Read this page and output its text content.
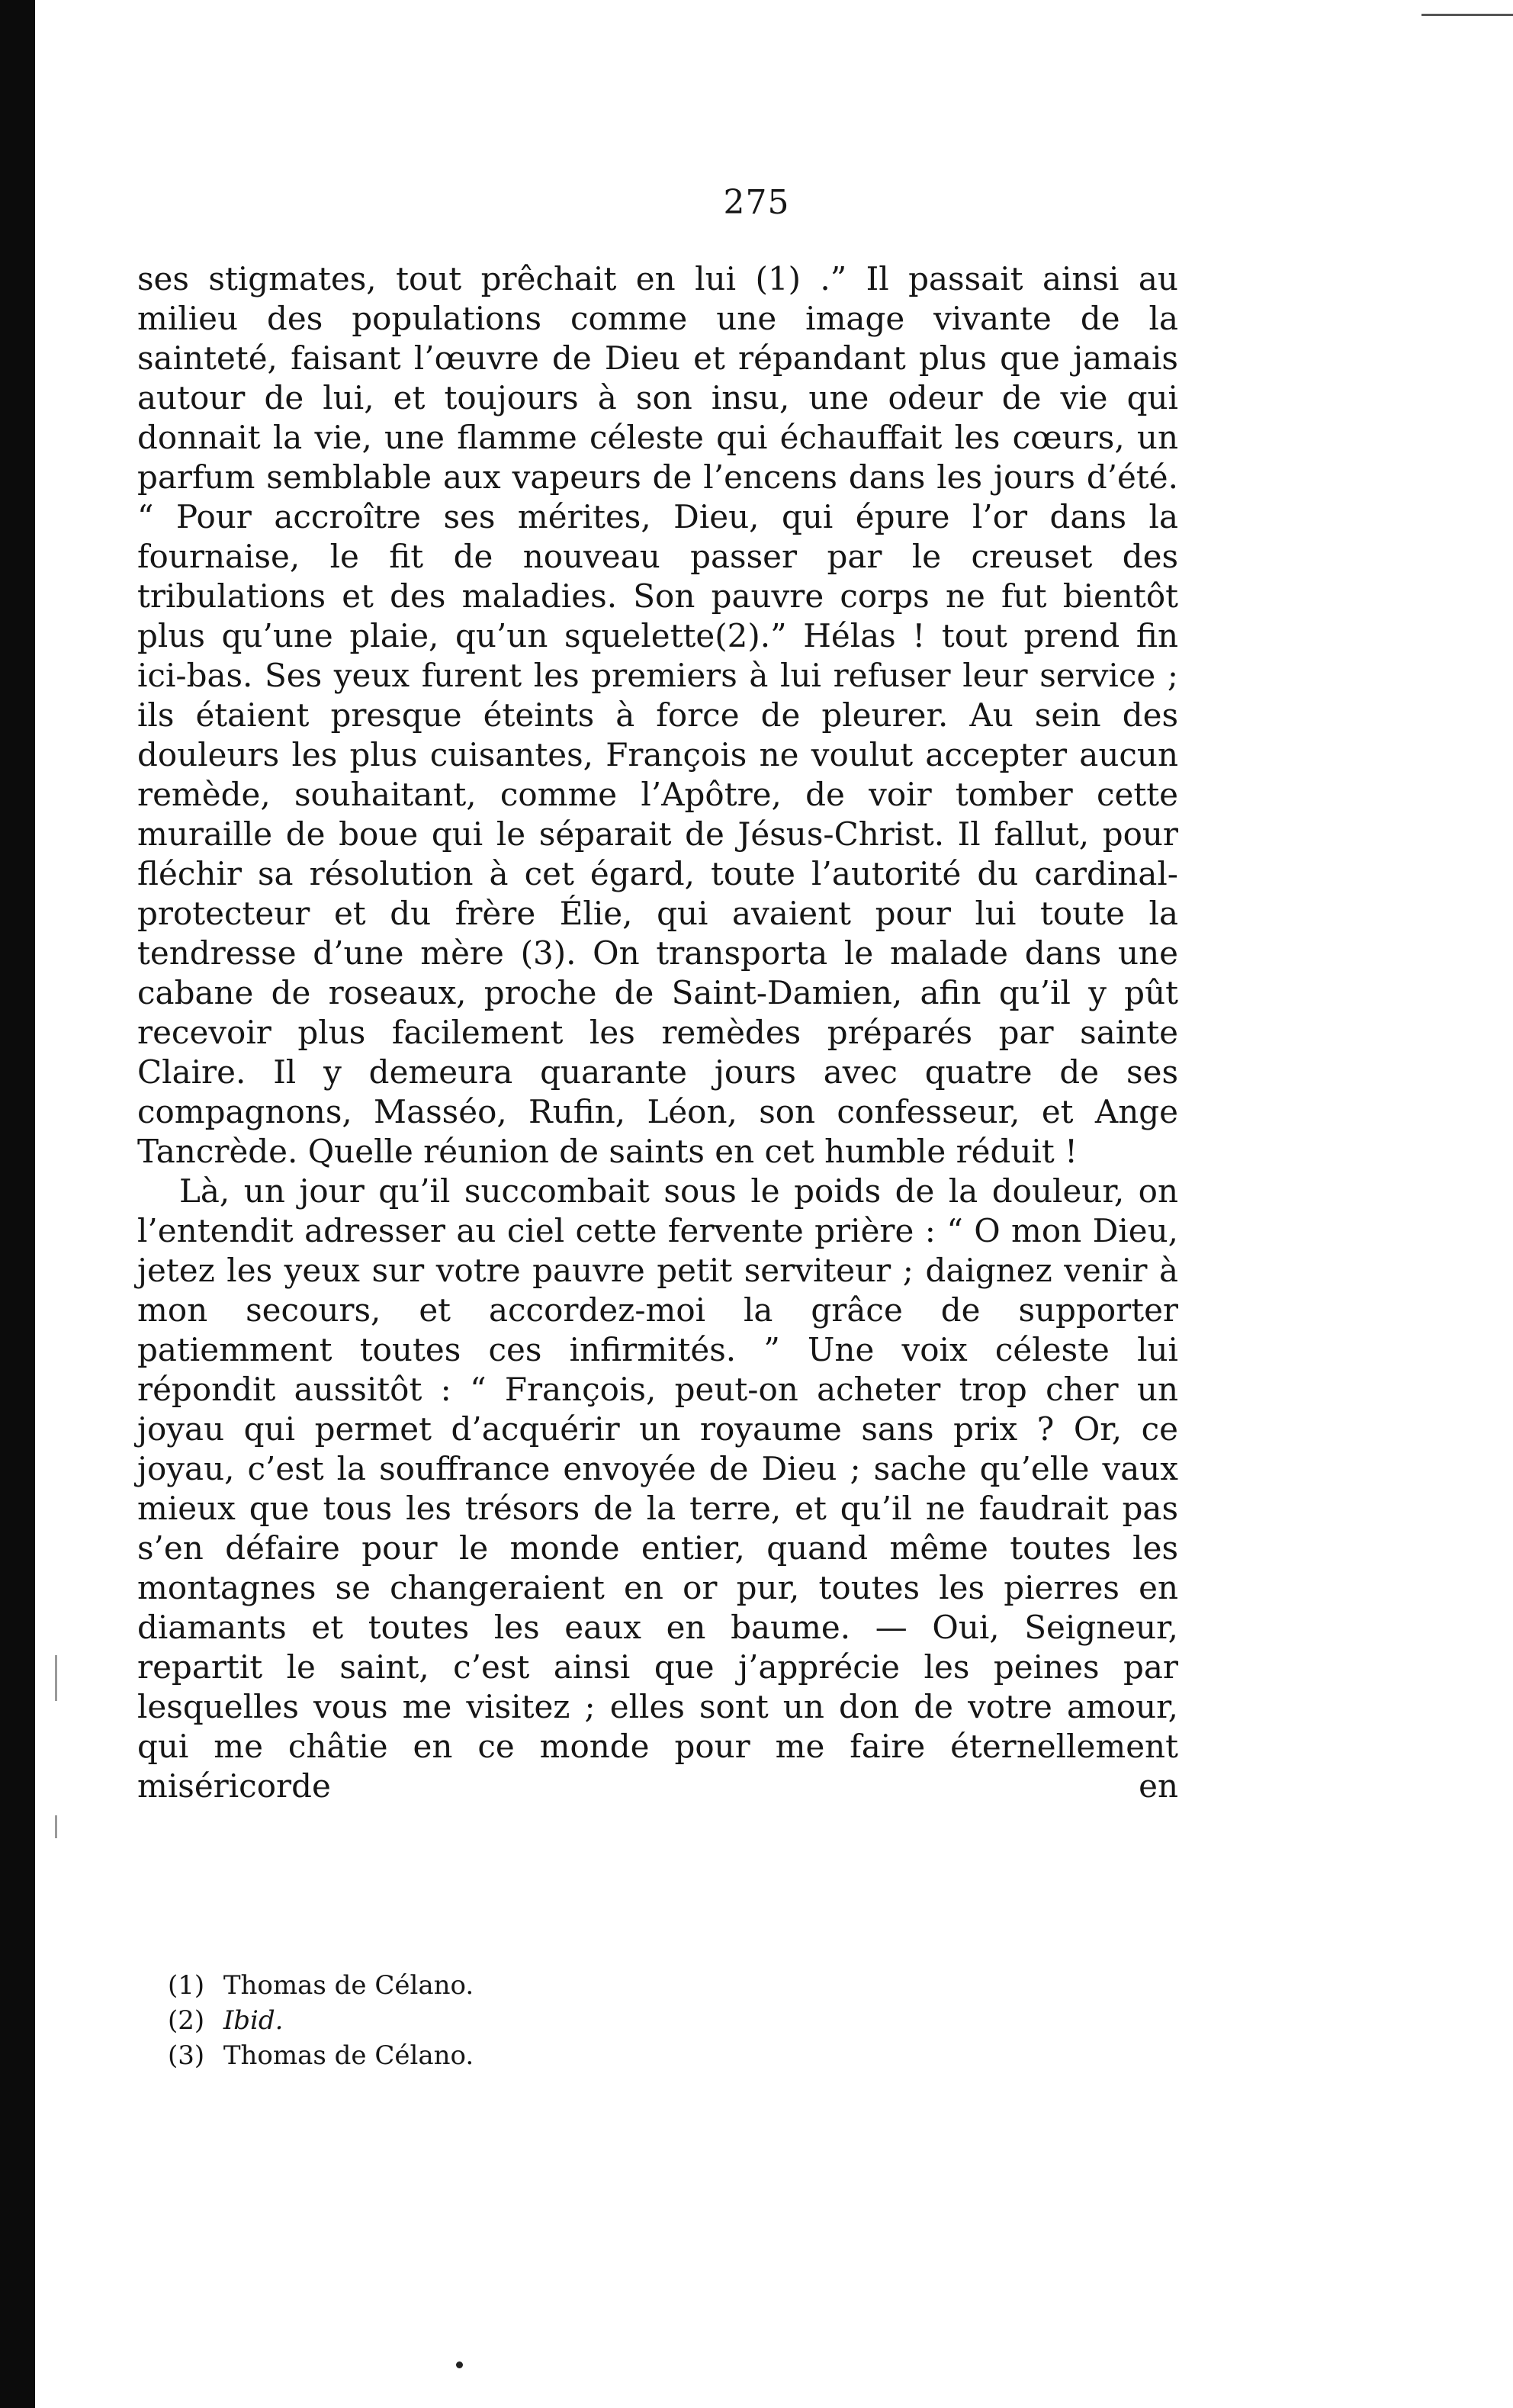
275

ses stigmates, tout prêchait en lui (1) .” Il passait ainsi au milieu des populations comme une image vivante de la sainteté, faisant l’œuvre de Dieu et répandant plus que jamais autour de lui, et toujours à son insu, une odeur de vie qui donnait la vie, une flamme céleste qui échauffait les cœurs, un parfum semblable aux vapeurs de l’encens dans les jours d’été. “ Pour accroître ses mérites, Dieu, qui épure l’or dans la fournaise, le fit de nouveau passer par le creuset des tribulations et des maladies. Son pauvre corps ne fut bientôt plus qu’une plaie, qu’un squelette(2).” Hélas ! tout prend fin ici-bas. Ses yeux furent les premiers à lui refuser leur service ; ils étaient presque éteints à force de pleurer. Au sein des douleurs les plus cuisantes, François ne voulut accepter aucun remède, souhaitant, comme l’Apôtre, de voir tomber cette muraille de boue qui le séparait de Jésus-Christ. Il fallut, pour fléchir sa résolution à cet égard, toute l’autorité du cardinal-protecteur et du frère Élie, qui avaient pour lui toute la tendresse d’une mère (3). On transporta le malade dans une cabane de roseaux, proche de Saint-Damien, afin qu’il y pût recevoir plus facilement les remèdes préparés par sainte Claire. Il y demeura quarante jours avec quatre de ses compagnons, Masséo, Rufin, Léon, son confesseur, et Ange Tancrède. Quelle réunion de saints en cet humble réduit !

Là, un jour qu’il succombait sous le poids de la douleur, on l’entendit adresser au ciel cette fervente prière : “ O mon Dieu, jetez les yeux sur votre pauvre petit serviteur ; daignez venir à mon secours, et accordez-moi la grâce de supporter patiemment toutes ces infirmités. ” Une voix céleste lui répondit aussitôt : “ François, peut-on acheter trop cher un joyau qui permet d’acquérir un royaume sans prix ? Or, ce joyau, c’est la souffrance envoyée de Dieu ; sache qu’elle vaux mieux que tous les trésors de la terre, et qu’il ne faudrait pas s’en défaire pour le monde entier, quand même toutes les montagnes se changeraient en or pur, toutes les pierres en diamants et toutes les eaux en baume. — Oui, Seigneur, repartit le saint, c’est ainsi que j’apprécie les peines par lesquelles vous me visitez ; elles sont un don de votre amour, qui me châtie en ce monde pour me faire éternellement miséricorde en

(1) Thomas de Célano.
(2) Ibid.
(3) Thomas de Célano.
